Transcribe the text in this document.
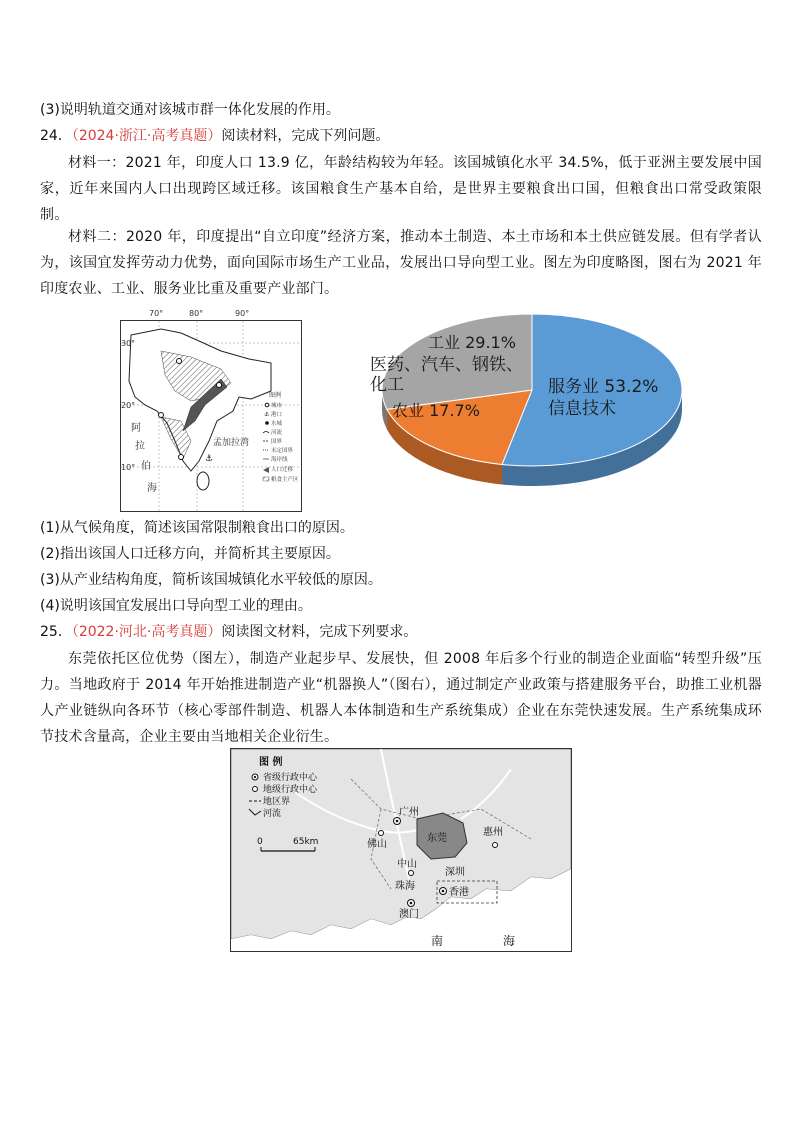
(3)说明轨道交通对该城市群一体化发展的作用。
24．（2024·浙江·高考真题）阅读材料，完成下列问题。
材料一：2021 年，印度人口 13.9 亿，年龄结构较为年轻。该国城镇化水平 34.5%，低于亚洲主要发展中国家，近年来国内人口出现跨区域迁移。该国粮食生产基本自给，是世界主要粮食出口国，但粮食出口常受政策限制。
材料二：2020 年，印度提出“自立印度”经济方案，推动本土制造、本土市场和本土供应链发展。但有学者认为，该国宜发挥劳动力优势，面向国际市场生产工业品，发展出口导向型工业。图左为印度略图，图右为 2021 年印度农业、工业、服务业比重及重要产业部门。
⚓
30°
20°
10°
阿
拉
伯
海
孟加拉湾
图例
城市
⚓ 港口
水城
河流
国界
未定国界
海岸线
人口迁移
粮食主产区
70°	80°	90°
服务业 53.2%
信息技术
农业 17.7%
工业 29.1%
医药、汽车、钢铁、
化工
(1)从气候角度，简述该国常限制粮食出口的原因。
(2)指出该国人口迁移方向，并简析其主要原因。
(3)从产业结构角度，简析该国城镇化水平较低的原因。
(4)说明该国宜发展出口导向型工业的理由。
25．（2022·河北·高考真题）阅读图文材料，完成下列要求。
东莞依托区位优势（图左），制造产业起步早、发展快，但 2008 年后多个行业的制造企业面临“转型升级”压力。当地政府于 2014 年开始推进制造产业“机器换人”（图右），通过制定产业政策与搭建服务平台，助推工业机器人产业链纵向各环节（核心零部件制造、机器人本体制造和生产系统集成）企业在东莞快速发展。生产系统集成环节技术含量高，企业主要由当地相关企业衍生。
图 例
省级行政中心
地级行政中心
地区界
河流
0	65km
广州
佛山
东莞
惠州
深圳
中山
珠海
香港
澳门
南	海
